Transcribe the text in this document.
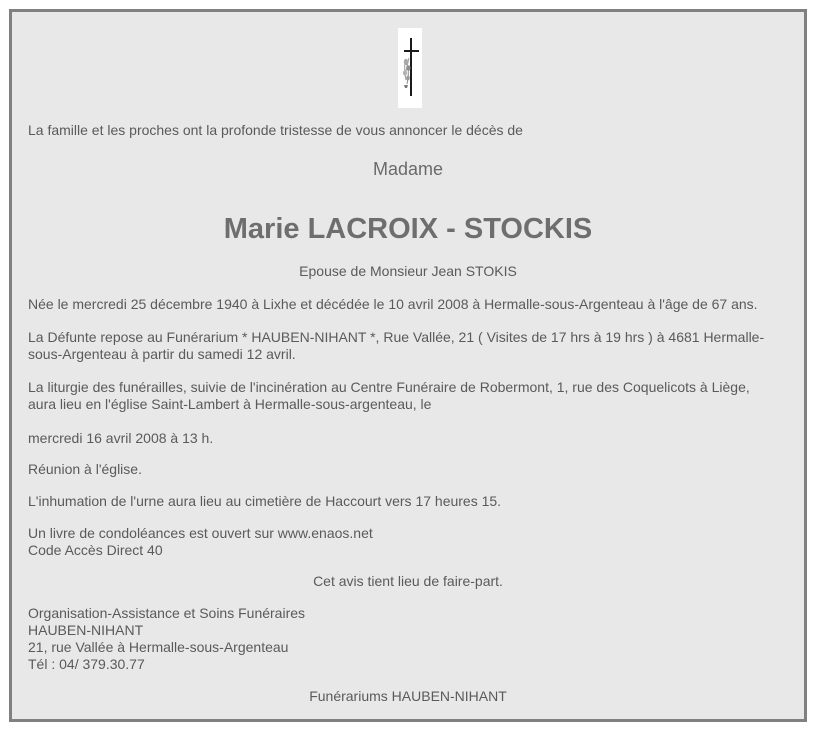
La famille et les proches ont la profonde tristesse de vous annoncer le décès de
Madame
Marie LACROIX - STOCKIS
Epouse de Monsieur Jean STOKIS
Née le mercredi 25 décembre 1940 à Lixhe et décédée le 10 avril 2008 à Hermalle-sous-Argenteau à l'âge de 67 ans.
La Défunte repose au Funérarium * HAUBEN-NIHANT *, Rue Vallée, 21 ( Visites de 17 hrs à 19 hrs ) à 4681 Hermalle-
sous-Argenteau à partir du samedi 12 avril.
La liturgie des funérailles, suivie de l'incinération au Centre Funéraire de Robermont, 1, rue des Coquelicots à Liège,
aura lieu en l'église Saint-Lambert à Hermalle-sous-argenteau, le
mercredi 16 avril 2008 à 13 h.
Réunion à l'église.
L'inhumation de l'urne aura lieu au cimetière de Haccourt vers 17 heures 15.
Un livre de condoléances est ouvert sur www.enaos.net
Code Accès Direct 40
Cet avis tient lieu de faire-part.
Organisation-Assistance et Soins Funéraires
HAUBEN-NIHANT
21, rue Vallée à Hermalle-sous-Argenteau
Tél : 04/ 379.30.77
Funérariums HAUBEN-NIHANT
